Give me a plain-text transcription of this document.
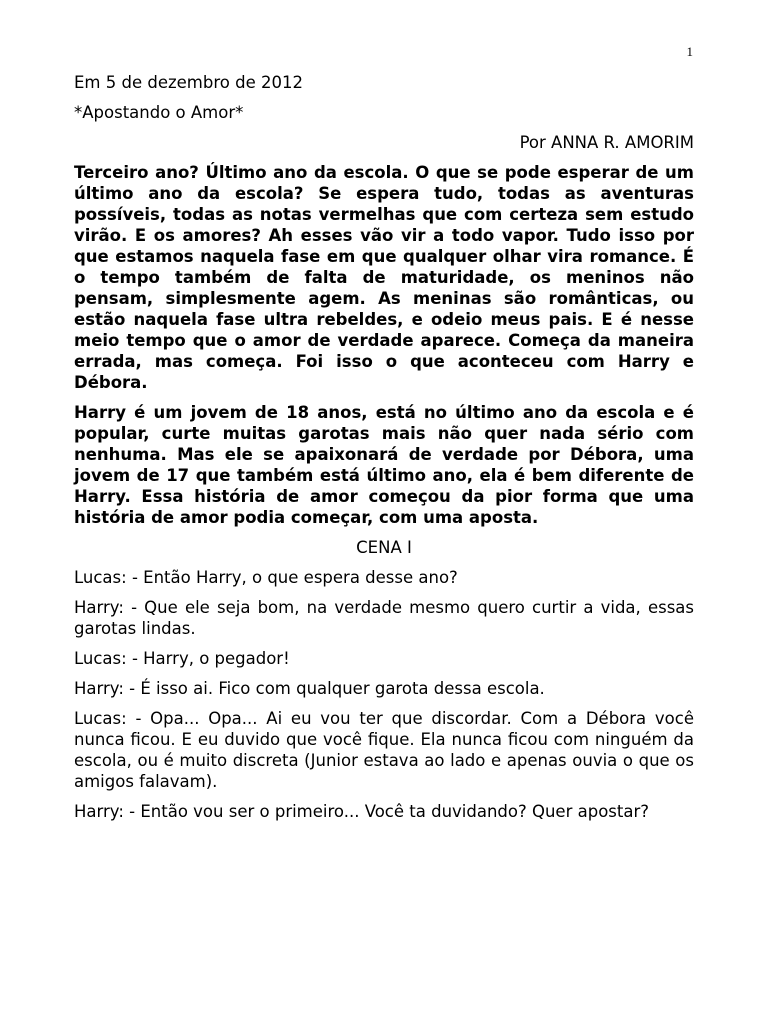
1

Em 5 de dezembro de 2012

*Apostando o Amor*

Por ANNA R. AMORIM

Terceiro ano? Último ano da escola. O que se pode esperar de um último ano da escola? Se espera tudo, todas as aventuras possíveis, todas as notas vermelhas que com certeza sem estudo virão. E os amores? Ah esses vão vir a todo vapor. Tudo isso por que estamos naquela fase em que qualquer olhar vira romance. É o tempo também de falta de maturidade, os meninos não pensam, simplesmente agem. As meninas são românticas, ou estão naquela fase ultra rebeldes, e odeio meus pais. E é nesse meio tempo que o amor de verdade aparece. Começa da maneira errada, mas começa. Foi isso o que aconteceu com Harry e Débora.

Harry é um jovem de 18 anos, está no último ano da escola e é popular, curte muitas garotas mais não quer nada sério com nenhuma. Mas ele se apaixonará de verdade por Débora, uma jovem de 17 que também está último ano, ela é bem diferente de Harry. Essa história de amor começou da pior forma que uma história de amor podia começar, com uma aposta.

CENA I

Lucas: - Então Harry, o que espera desse ano?

Harry: - Que ele seja bom, na verdade mesmo quero curtir a vida, essas garotas lindas.

Lucas: - Harry, o pegador!

Harry: - É isso ai. Fico com qualquer garota dessa escola.

Lucas: - Opa... Opa... Ai eu vou ter que discordar. Com a Débora você nunca ficou. E eu duvido que você fique. Ela nunca ficou com ninguém da escola, ou é muito discreta (Junior estava ao lado e apenas ouvia o que os amigos falavam).

Harry: - Então vou ser o primeiro... Você ta duvidando? Quer apostar?
